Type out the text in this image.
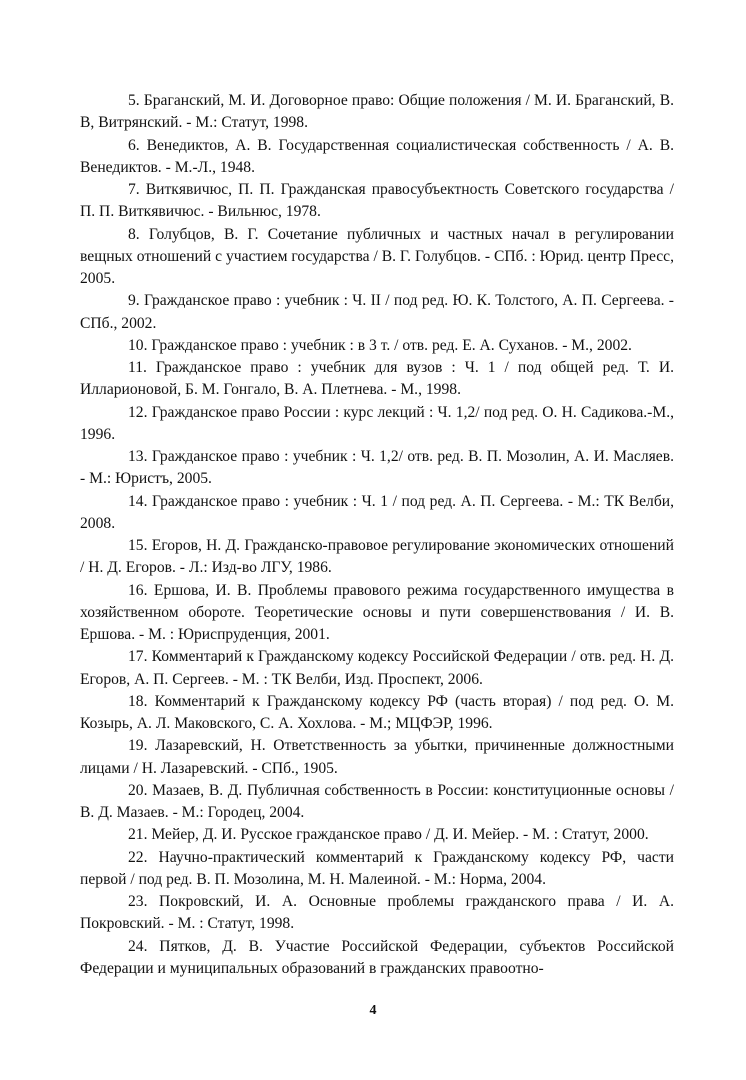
5. Браганский, М. И. Договорное право: Общие положения / М. И. Браганский, В. В, Витрянский. - М.: Статут, 1998.
6. Венедиктов, А. В. Государственная социалистическая собственность / А. В. Венедиктов. - М.-Л., 1948.
7. Виткявичюс, П. П. Гражданская правосубъектность Советского государства / П. П. Виткявичюс. - Вильнюс, 1978.
8. Голубцов, В. Г. Сочетание публичных и частных начал в регулировании вещных отношений с участием государства / В. Г. Голубцов. - СПб. : Юрид. центр Пресс, 2005.
9. Гражданское право : учебник : Ч. II / под ред. Ю. К. Толстого, А. П. Сергеева. - СПб., 2002.
10. Гражданское право : учебник : в 3 т. / отв. ред. Е. А. Суханов. - М., 2002.
11. Гражданское право : учебник для вузов : Ч. 1 / под общей ред. Т. И. Илларионовой, Б. М. Гонгало, В. А. Плетнева. - М., 1998.
12. Гражданское право России : курс лекций : Ч. 1,2/ под ред. О. Н. Садикова.-М., 1996.
13. Гражданское право : учебник : Ч. 1,2/ отв. ред. В. П. Мозолин, А. И. Масляев. - М.: Юристъ, 2005.
14. Гражданское право : учебник : Ч. 1 / под ред. А. П. Сергеева. - М.: ТК Велби, 2008.
15. Егоров, Н. Д. Гражданско-правовое регулирование экономических отношений / Н. Д. Егоров. - Л.: Изд-во ЛГУ, 1986.
16. Ершова, И. В. Проблемы правового режима государственного имущества в хозяйственном обороте. Теоретические основы и пути совершенствования / И. В. Ершова. - М. : Юриспруденция, 2001.
17. Комментарий к Гражданскому кодексу Российской Федерации / отв. ред. Н. Д. Егоров, А. П. Сергеев. - М. : ТК Велби, Изд. Проспект, 2006.
18. Комментарий к Гражданскому кодексу РФ (часть вторая) / под ред. О. М. Козырь, А. Л. Маковского, С. А. Хохлова. - М.; МЦФЭР, 1996.
19. Лазаревский, Н. Ответственность за убытки, причиненные должностными лицами / Н. Лазаревский. - СПб., 1905.
20. Мазаев, В. Д. Публичная собственность в России: конституционные основы / В. Д. Мазаев. - М.: Городец, 2004.
21. Мейер, Д. И. Русское гражданское право / Д. И. Мейер. - М. : Статут, 2000.
22. Научно-практический комментарий к Гражданскому кодексу РФ, части первой / под ред. В. П. Мозолина, М. Н. Малеиной. - М.: Норма, 2004.
23. Покровский, И. А. Основные проблемы гражданского права / И. А. Покровский. - М. : Статут, 1998.
24. Пятков, Д. В. Участие Российской Федерации, субъектов Российской Федерации и муниципальных образований в гражданских правоотно-
4
